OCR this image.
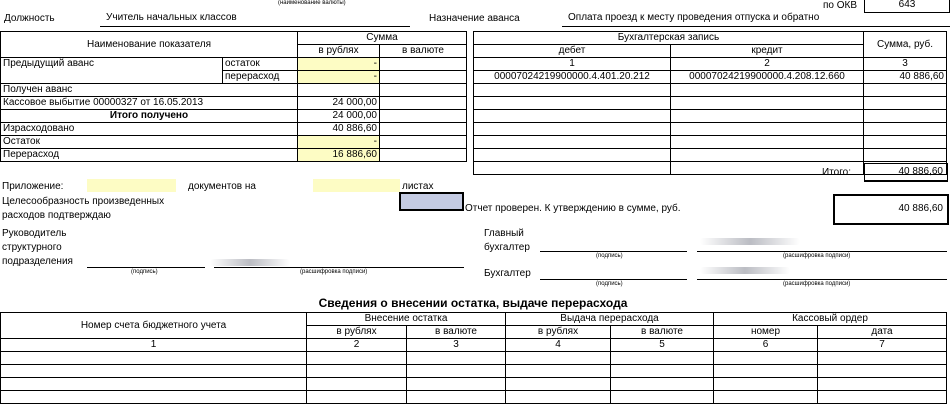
(наименование валюты)	по ОКВ	643
Должность	Учитель начальных классов	Назначение аванса	Оплата проезд к месту проведения отпуска и обратно
Наименование показателя		Сумма	
		в рублях	в валюте
Предыдущий аванс	остаток	-	
	перерасход	-	
Получен аванс			
Кассовое выбытие 00000327 от 16.05.2013		24 000,00	
Итого получено		24 000,00	
Израсходовано		40 886,60	
Остаток		-	
Перерасход		16 886,60	
Бухгалтерская запись		Сумма, руб.
дебет	кредит	
1	2	3
00007024219900000.4.401.20.212	00007024219900000.4.208.12.660	40 886,60

Итого:	40 886,60
Приложение:	документов на	листах
Целесообразность произведенных
расходов подтверждаю
Отчет проверен. К утверждению в сумме, руб.	40 886,60
Руководитель
структурного
подразделения
(подпись)	(расшифровка подписи)
Главный
бухгалтер
(подпись)	(расшифровка подписи)
Бухгалтер
(подпись)	(расшифровка подписи)
Сведения о внесении остатка, выдаче перерасхода
Номер счета бюджетного учета	Внесение остатка		Выдача перерасхода		Кассовый ордер	
	в рублях	в валюте	в рублях	в валюте	номер	дата
1	2	3	4	5	6	7
